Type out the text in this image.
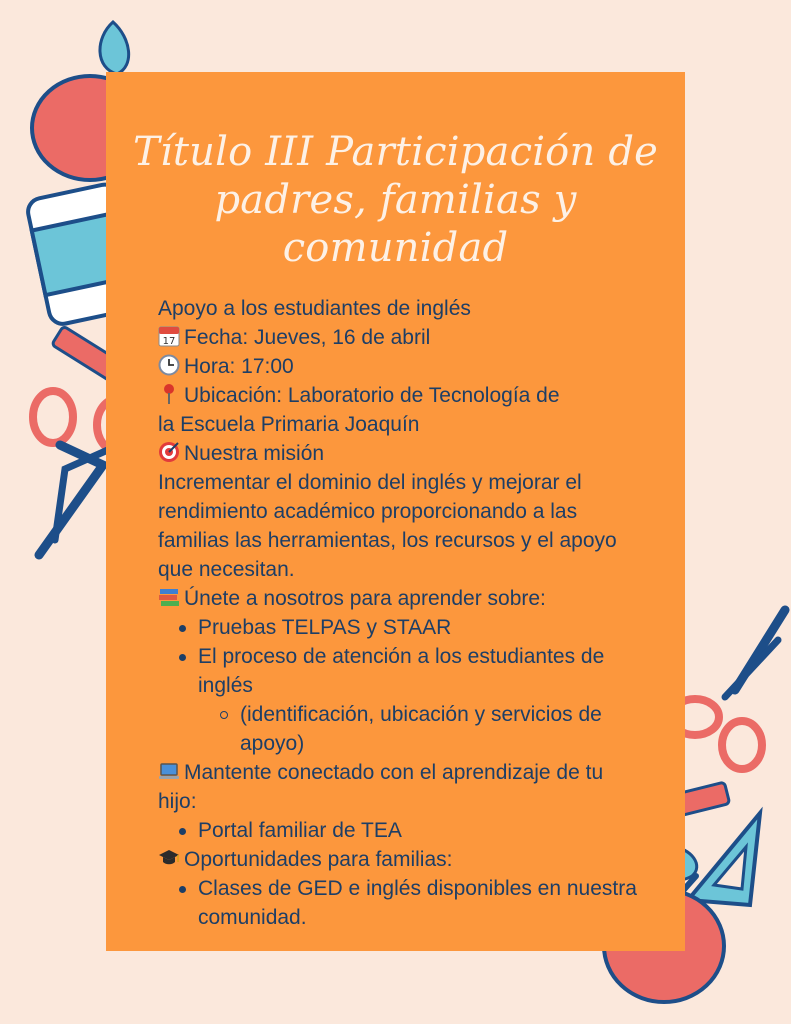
Título III Participación de
padres, familias y
comunidad
Apoyo a los estudiantes de inglés
17 Fecha: Jueves, 16 de abril
Hora: 17:00
Ubicación: Laboratorio de Tecnología de
la Escuela Primaria Joaquín
Nuestra misión
Incrementar el dominio del inglés y mejorar el rendimiento académico proporcionando a las familias las herramientas, los recursos y el apoyo que necesitan.
Únete a nosotros para aprender sobre:
Pruebas TELPAS y STAAR
El proceso de atención a los estudiantes de inglés
(identificación, ubicación y servicios de apoyo)
Mantente conectado con el aprendizaje de tu hijo:
Portal familiar de TEA
Oportunidades para familias:
Clases de GED e inglés disponibles en nuestra comunidad.
